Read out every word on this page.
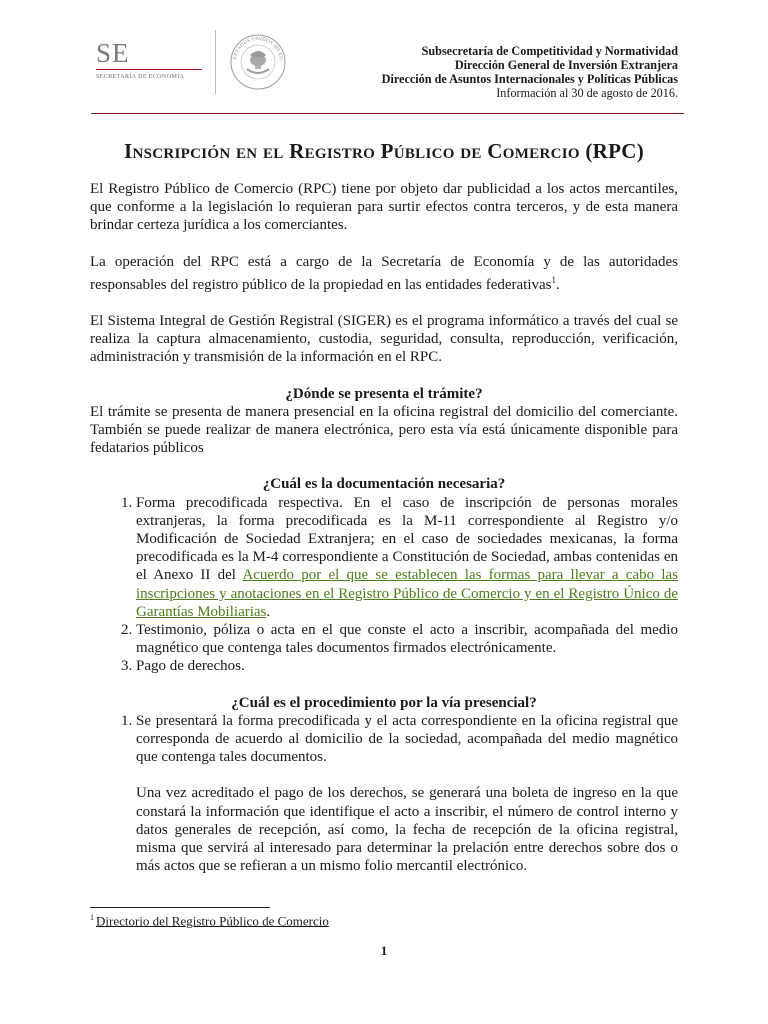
SE
SECRETARÍA DE ECONOMÍA
ESTADOS UNIDOS MEXIC
Subsecretaría de Competitividad y Normatividad
Dirección General de Inversión Extranjera
Dirección de Asuntos Internacionales y Políticas Públicas
Información al 30 de agosto de 2016.
Inscripción en el Registro Público de Comercio (RPC)

El Registro Público de Comercio (RPC) tiene por objeto dar publicidad a los actos mercantiles, que conforme a la legislación lo requieran para surtir efectos contra terceros, y de esta manera brindar certeza jurídica a los comerciantes.

La operación del RPC está a cargo de la Secretaría de Economía y de las autoridades responsables del registro público de la propiedad en las entidades federativas$^1$.

El Sistema Integral de Gestión Registral (SIGER) es el programa informático a través del cual se realiza la captura almacenamiento, custodia, seguridad, consulta, reproducción, verificación, administración y transmisión de la información en el RPC.

¿Dónde se presenta el trámite?

El trámite se presenta de manera presencial en la oficina registral del domicilio del comerciante. También se puede realizar de manera electrónica, pero esta vía está únicamente disponible para fedatarios públicos

¿Cuál es la documentación necesaria?
1. Forma precodificada respectiva. En el caso de inscripción de personas morales extranjeras, la forma precodificada es la M-11 correspondiente al Registro y/o Modificación de Sociedad Extranjera; en el caso de sociedades mexicanas, la forma precodificada es la M-4 correspondiente a Constitución de Sociedad, ambas contenidas en el Anexo II del Acuerdo por el que se establecen las formas para llevar a cabo las inscripciones y anotaciones en el Registro Público de Comercio y en el Registro Único de Garantías Mobiliarias.
2. Testimonio, póliza o acta en el que conste el acto a inscribir, acompañada del medio magnético que contenga tales documentos firmados electrónicamente.
3. Pago de derechos.
¿Cuál es el procedimiento por la vía presencial?

1. Se presentará la forma precodificada y el acta correspondiente en la oficina registral que corresponda de acuerdo al domicilio de la sociedad, acompañada del medio magnético que contenga tales documentos.

Una vez acreditado el pago de los derechos, se generará una boleta de ingreso en la que constará la información que identifique el acto a inscribir, el número de control interno y datos generales de recepción, así como, la fecha de recepción de la oficina registral, misma que servirá al interesado para determinar la prelación entre derechos sobre dos o más actos que se refieran a un mismo folio mercantil electrónico.

$^1$ Directorio del Registro Público de Comercio
1
